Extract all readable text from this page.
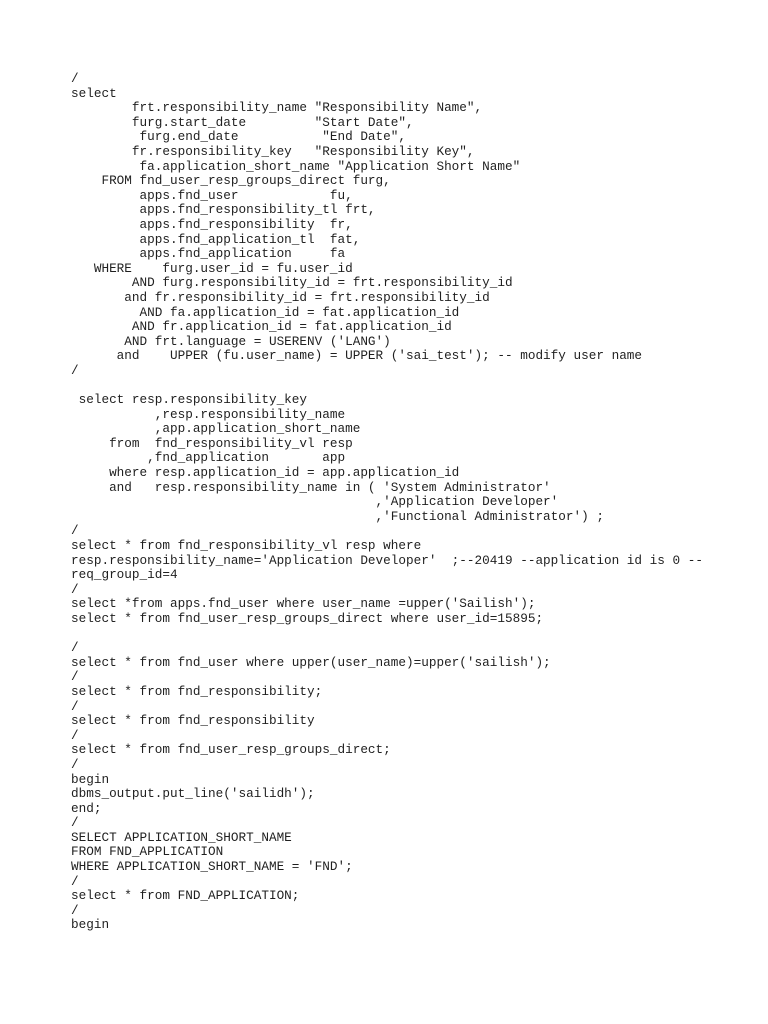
/
select
frt.responsibility_name "Responsibility Name",
furg.start_date         "Start Date",
furg.end_date           "End Date",
fr.responsibility_key   "Responsibility Key",
fa.application_short_name "Application Short Name"
FROM fnd_user_resp_groups_direct furg,
apps.fnd_user            fu,
apps.fnd_responsibility_tl frt,
apps.fnd_responsibility  fr,
apps.fnd_application_tl  fat,
apps.fnd_application     fa
WHERE    furg.user_id = fu.user_id
AND furg.responsibility_id = frt.responsibility_id
and fr.responsibility_id = frt.responsibility_id
AND fa.application_id = fat.application_id
AND fr.application_id = fat.application_id
AND frt.language = USERENV ('LANG')
and    UPPER (fu.user_name) = UPPER ('sai_test'); -- modify user name
/
select resp.responsibility_key
,resp.responsibility_name
,app.application_short_name
from  fnd_responsibility_vl resp
,fnd_application       app
where resp.application_id = app.application_id
and   resp.responsibility_name in ( 'System Administrator'
,'Application Developer'
,'Functional Administrator') ;
/
select * from fnd_responsibility_vl resp where
resp.responsibility_name='Application Developer'  ;--20419 --application id is 0 --
req_group_id=4
/
select *from apps.fnd_user where user_name =upper('Sailish');
select * from fnd_user_resp_groups_direct where user_id=15895;
/
select * from fnd_user where upper(user_name)=upper('sailish');
/
select * from fnd_responsibility;
/
select * from fnd_responsibility
/
select * from fnd_user_resp_groups_direct;
/
begin
dbms_output.put_line('sailidh');
end;
/
SELECT APPLICATION_SHORT_NAME
FROM FND_APPLICATION
WHERE APPLICATION_SHORT_NAME = 'FND';
/
select * from FND_APPLICATION;
/
begin
